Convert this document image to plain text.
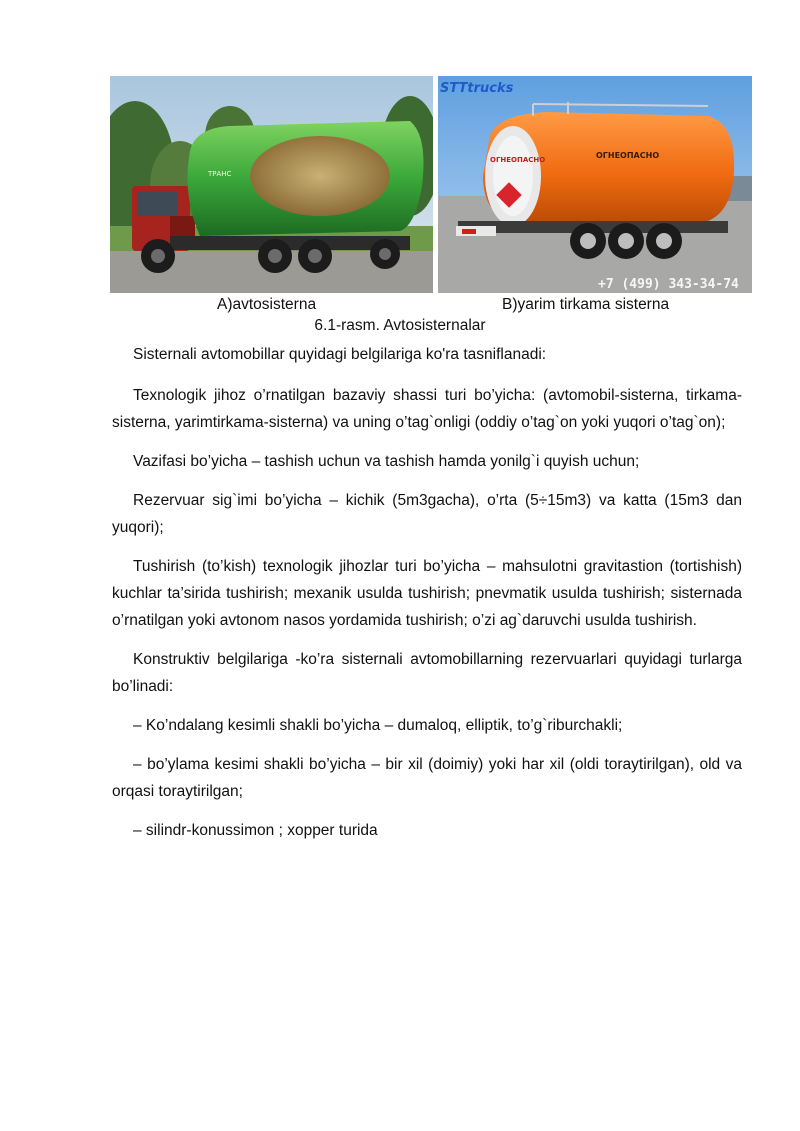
ТРАНС
STTtrucks
ОГНЕОПАСНО	ОГНЕОПАСНО
+7 (499) 343-34-74
A)avtosisterna	B)yarim tirkama sisterna
6.1-rasm. Avtosisternalar

Sisternali avtomobillar quyidagi belgilariga ko'ra tasniflanadi:

Texnologik jihoz o’rnatilgan bazaviy shassi turi bo’yicha: (avtomobil-sisterna, tirkama-sisterna, yarimtirkama-sisterna) va uning o’tag`onligi (oddiy o’tag`on yoki yuqori o’tag`on);

Vazifasi bo’yicha – tashish uchun va tashish hamda yonilg`i quyish uchun;

Rezervuar sig`imi bo’yicha – kichik (5m3gacha), o’rta (5÷15m3) va katta (15m3 dan yuqori);

Tushirish (to’kish) texnologik jihozlar turi bo’yicha – mahsulotni gravitastion (tortishish) kuchlar ta’sirida tushirish; mexanik usulda tushirish; pnevmatik usulda tushirish; sisternada o’rnatilgan yoki avtonom nasos yordamida tushirish; o’zi ag`daruvchi usulda tushirish.

Konstruktiv belgilariga -ko’ra sisternali avtomobillarning rezervuarlari quyidagi turlarga bo’linadi:

– Ko’ndalang kesimli shakli bo’yicha – dumaloq, elliptik, to’g`riburchakli;

– bo’ylama kesimi shakli bo’yicha – bir xil (doimiy) yoki har xil (oldi toraytirilgan), old va orqasi toraytirilgan;

– silindr-konussimon ; xopper turida
